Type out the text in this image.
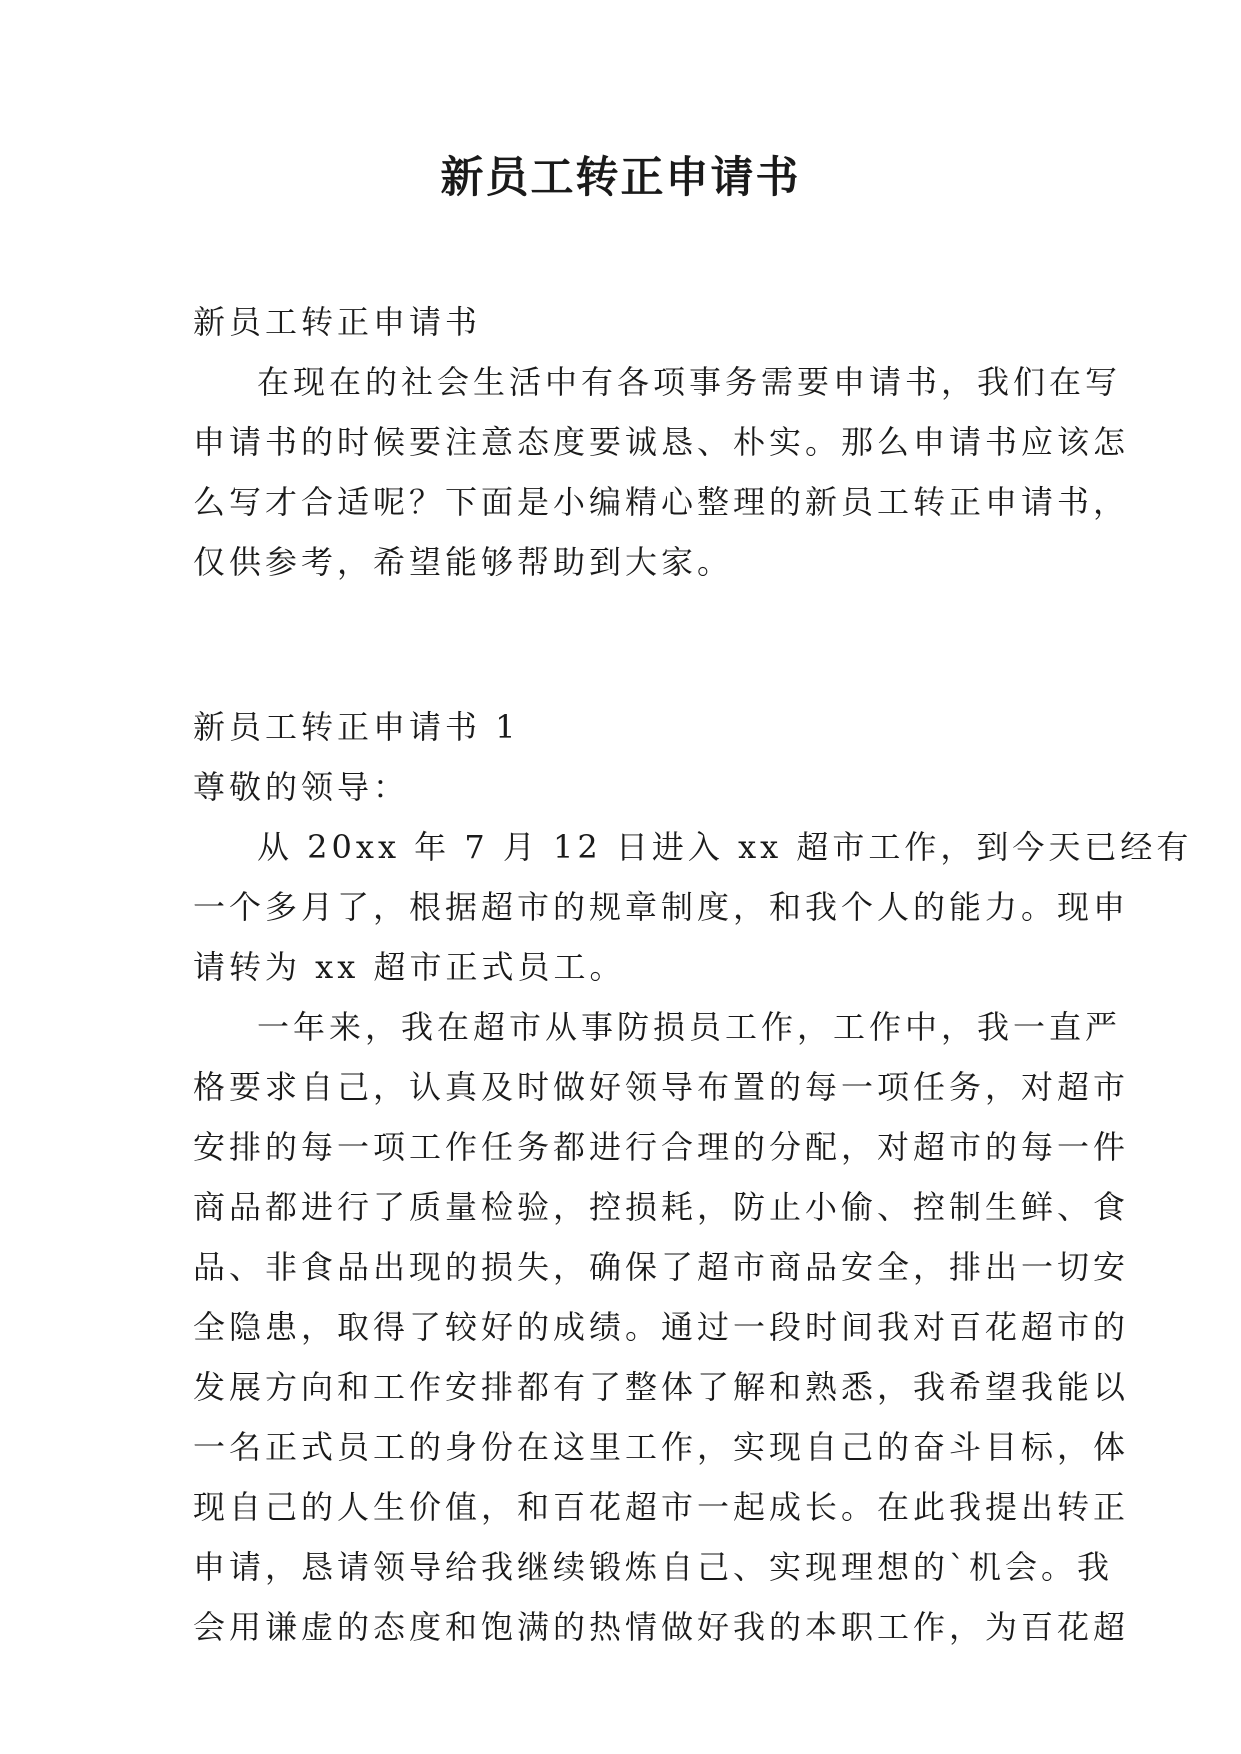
新员工转正申请书
新员工转正申请书
在现在的社会生活中有各项事务需要申请书，我们在写
申请书的时候要注意态度要诚恳、朴实。那么申请书应该怎
么写才合适呢？下面是小编精心整理的新员工转正申请书，
仅供参考，希望能够帮助到大家。
新员工转正申请书 1
尊敬的领导：
从 20xx 年 7 月 12 日进入 xx 超市工作，到今天已经有
一个多月了，根据超市的规章制度，和我个人的能力。现申
请转为 xx 超市正式员工。
一年来，我在超市从事防损员工作，工作中，我一直严
格要求自己，认真及时做好领导布置的每一项任务，对超市
安排的每一项工作任务都进行合理的分配，对超市的每一件
商品都进行了质量检验，控损耗，防止小偷、控制生鲜、食
品、非食品出现的损失，确保了超市商品安全，排出一切安
全隐患，取得了较好的成绩。通过一段时间我对百花超市的
发展方向和工作安排都有了整体了解和熟悉，我希望我能以
一名正式员工的身份在这里工作，实现自己的奋斗目标，体
现自己的人生价值，和百花超市一起成长。在此我提出转正
申请，恳请领导给我继续锻炼自己、实现理想的`机会。我
会用谦虚的态度和饱满的热情做好我的本职工作，为百花超
